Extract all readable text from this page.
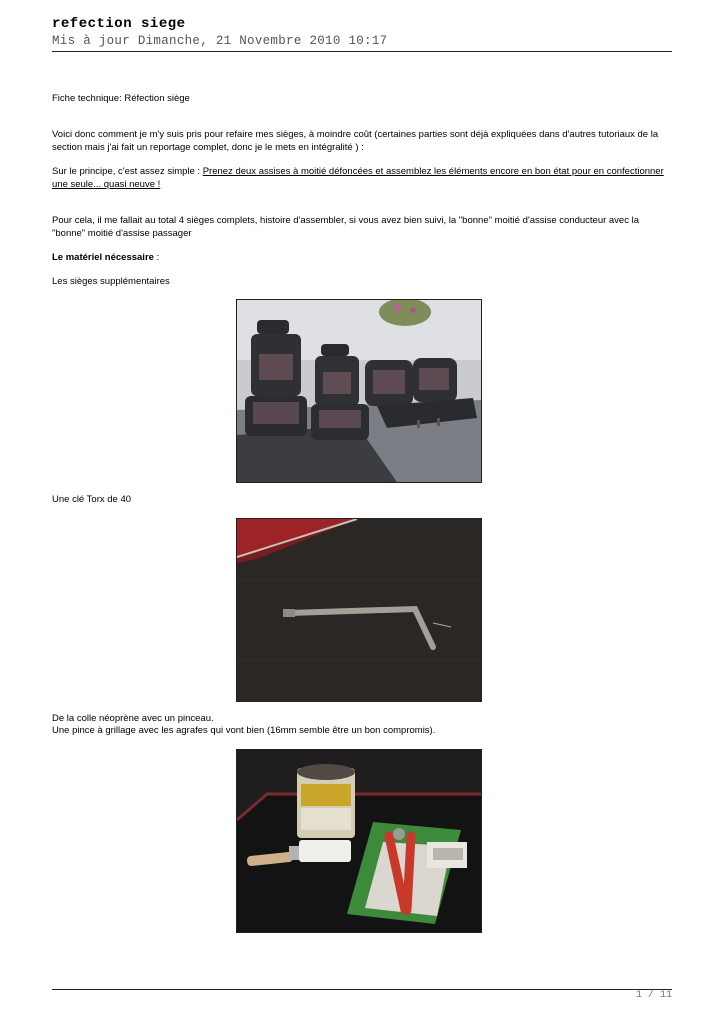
refection siege
Mis à jour Dimanche, 21 Novembre 2010 10:17
Fiche technique: Réfection siège
Voici donc comment je m'y suis pris pour refaire mes sièges, à moindre coût (certaines parties sont déjà expliquées dans d'autres tutoriaux de la section mais j'ai fait un reportage complet, donc je le mets en intégralité ) :
Sur le principe, c'est assez simple : Prenez deux assises à moitié défoncées et assemblez les éléments encore en bon état pour en confectionner une seule... quasi neuve !
Pour cela, il me fallait au total 4 sièges complets, histoire d'assembler, si vous avez bien suivi, la "bonne" moitié d'assise conducteur avec la "bonne" moitié d'assise passager
Le matériel nécessaire :
Les sièges supplémentaires
Une clé Torx de 40
De la colle néoprène avec un pinceau.
Une pince à grillage avec les agrafes qui vont bien (16mm semble être un bon compromis).
1 / 11
